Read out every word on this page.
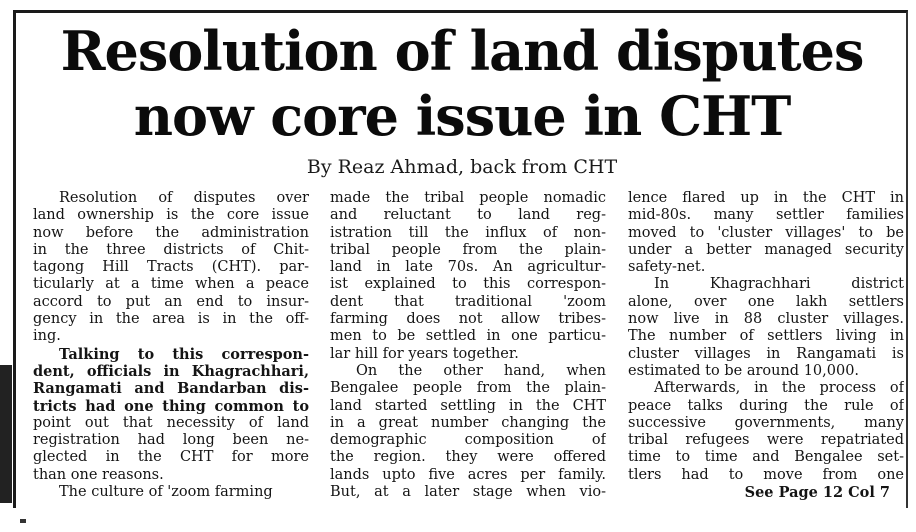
Resolution of land disputes
now core issue in CHT
By Reaz Ahmad, back from CHT
Resolution of disputes over
land ownership is the core issue
now before the administration
in the three districts of Chit-
tagong Hill Tracts (CHT). par-
ticularly at a time when a peace
accord to put an end to insur-
gency in the area is in the off-
ing.
Talking to this correspon-
dent, officials in Khagrachhari,
Rangamati and Bandarban dis-
tricts had one thing common to
point out that necessity of land
registration had long been ne-
glected in the CHT for more
than one reasons.
The culture of 'zoom farming
made the tribal people nomadic
and reluctant to land reg-
istration till the influx of non-
tribal people from the plain-
land in late 70s. An agricultur-
ist explained to this correspon-
dent that traditional 'zoom
farming does not allow tribes-
men to be settled in one particu-
lar hill for years together.
On the other hand, when
Bengalee people from the plain-
land started settling in the CHT
in a great number changing the
demographic composition of
the region. they were offered
lands upto five acres per family.
But, at a later stage when vio-
lence flared up in the CHT in
mid-80s. many settler families
moved to 'cluster villages' to be
under a better managed security
safety-net.
In Khagrachhari district
alone, over one lakh settlers
now live in 88 cluster villages.
The number of settlers living in
cluster villages in Rangamati is
estimated to be around 10,000.
Afterwards, in the process of
peace talks during the rule of
successive governments, many
tribal refugees were repatriated
time to time and Bengalee set-
tlers had to move from one
See Page 12 Col 7
